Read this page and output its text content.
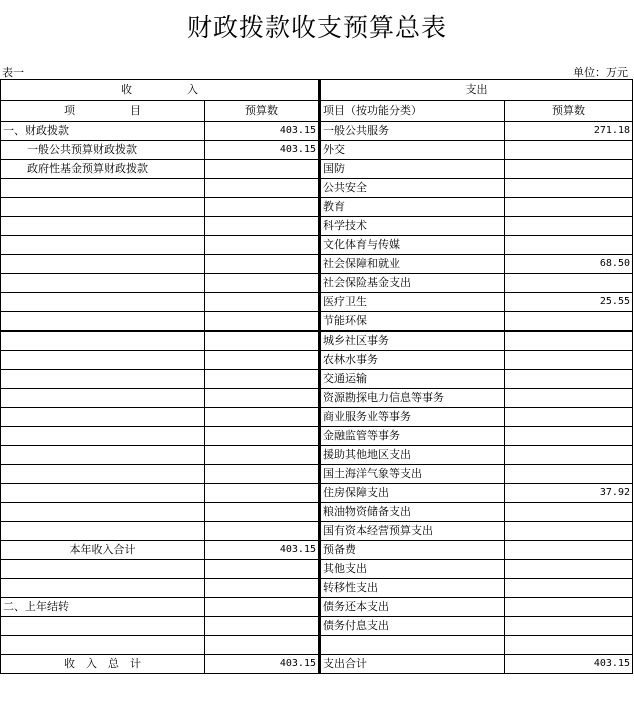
财政拨款收支预算总表
表一	单位：万元
收　　　　　入		支出	
项　　　　　目	预算数	项目（按功能分类）	预算数
一、财政拨款	403.15	一般公共服务	271.18
一般公共预算财政拨款	403.15	外交	
政府性基金预算财政拨款		国防	
		公共安全	
		教育	
		科学技术	
		文化体育与传媒	
		社会保障和就业	68.50
		社会保险基金支出	
		医疗卫生	25.55
		节能环保	
		城乡社区事务	
		农林水事务	
		交通运输	
		资源勘探电力信息等事务	
		商业服务业等事务	
		金融监管等事务	
		援助其他地区支出	
		国土海洋气象等支出	
		住房保障支出	37.92
		粮油物资储备支出	
		国有资本经营预算支出	
本年收入合计	403.15	预备费	
		其他支出	
		转移性支出	
二、上年结转		债务还本支出	
		债务付息支出	

收　入　总　计	403.15	支出合计	403.15
